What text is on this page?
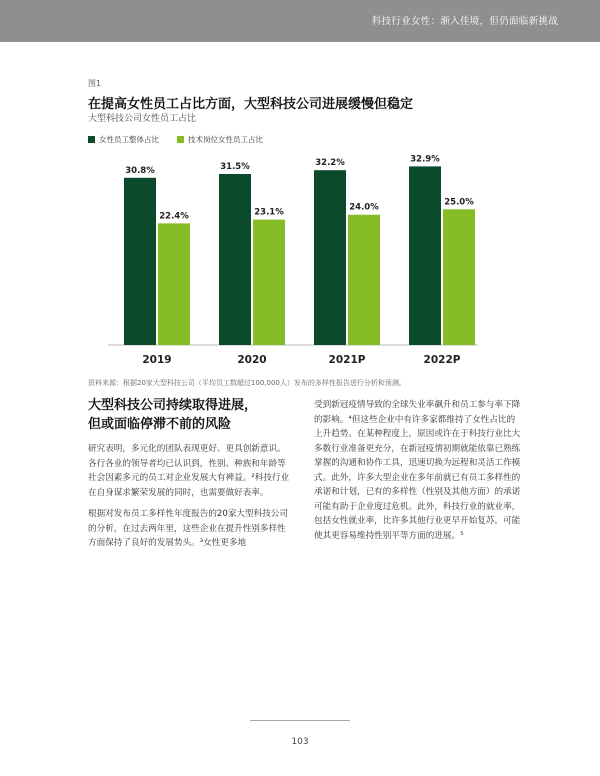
科技行业女性：渐入佳境，但仍面临新挑战
图1
在提高女性员工占比方面，大型科技公司进展缓慢但稳定
大型科技公司女性员工占比
女性员工整体占比	技术岗位女性员工占比
30.8%
22.4%
2019
31.5%
23.1%
2020
32.2%
24.0%
2021P
32.9%
25.0%
2022P
资料来源：根据20家大型科技公司（平均员工数超过100,000人）发布的多样性报告进行分析和预测。
大型科技公司持续取得进展，
但或面临停滞不前的风险
研究表明，多元化的团队表现更好、更具创新意识。各行各业的领导者均已认识到，性别、种族和年龄等社会因素多元的员工对企业发展大有裨益。²科技行业在自身谋求繁荣发展的同时，也需要做好表率。
根据对发布员工多样性年度报告的20家大型科技公司的分析，在过去两年里，这些企业在提升性别多样性方面保持了良好的发展势头。³女性更多地
受到新冠疫情导致的全球失业率飙升和员工参与率下降的影响。⁴但这些企业中有许多家都维持了女性占比的上升趋势。在某种程度上，原因或许在于科技行业比大多数行业准备更充分，在新冠疫情初期就能依靠已熟练掌握的沟通和协作工具，迅速切换为远程和灵活工作模式。此外，许多大型企业在多年前就已有员工多样性的承诺和计划，已有的多样性（性别及其他方面）的承诺可能有助于企业度过危机。此外，科技行业的就业率，包括女性就业率，比许多其他行业更早开始复苏，可能使其更容易维持性别平等方面的进展。⁵
103
